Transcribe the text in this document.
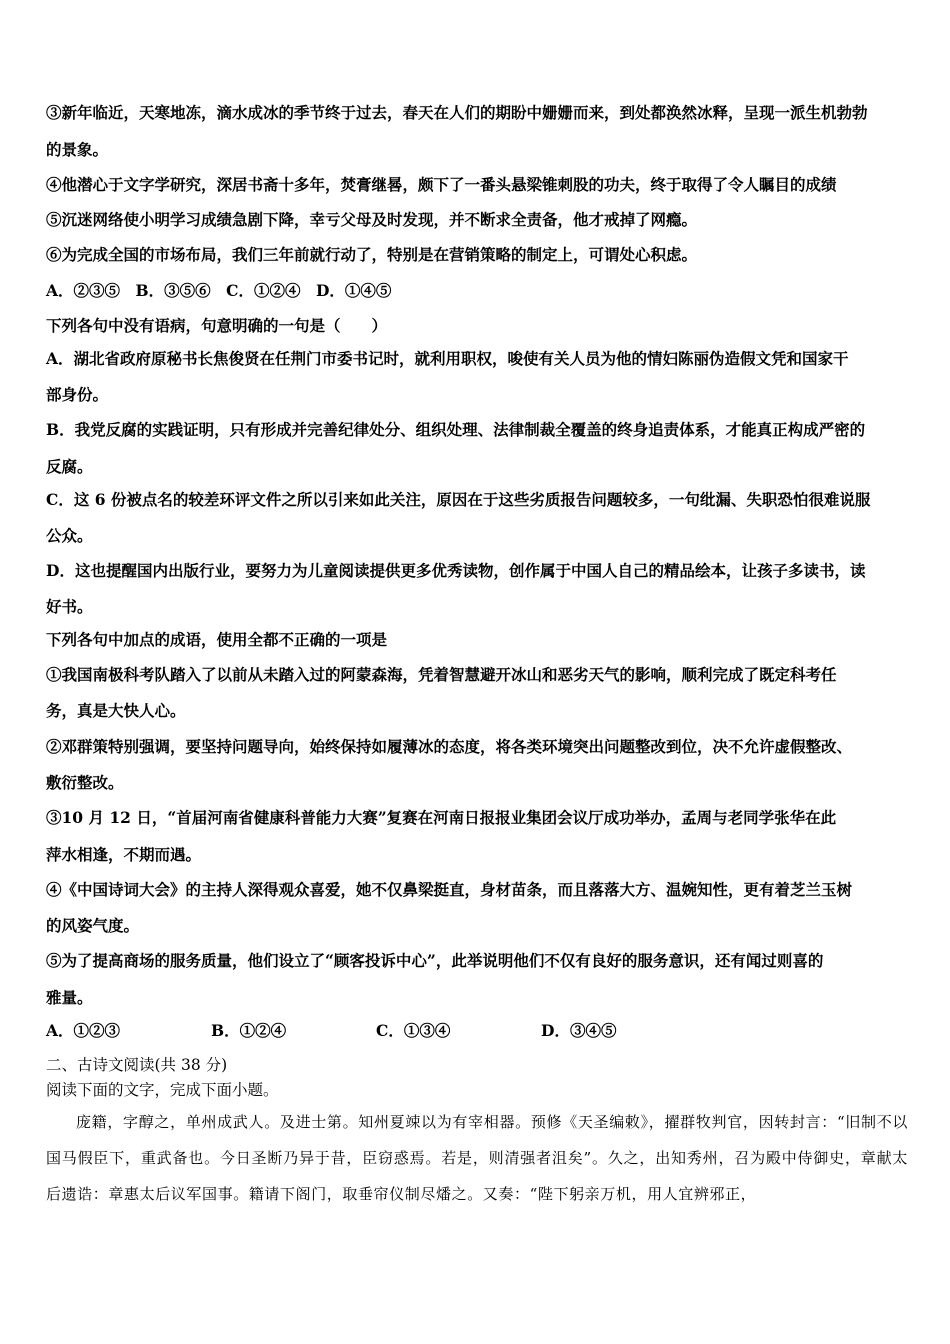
③新年临近，天寒地冻，滴水成冰的季节终于过去，春天在人们的期盼中姗姗而来，到处都涣然冰释，呈现一派生机勃勃
的景象。
④他潜心于文字学研究，深居书斋十多年，焚膏继晷，颇下了一番头悬梁锥刺股的功夫，终于取得了令人瞩目的成绩
⑤沉迷网络使小明学习成绩急剧下降，幸亏父母及时发现，并不断求全责备，他才戒掉了网瘾。
⑥为完成全国的市场布局，我们三年前就行动了，特别是在营销策略的制定上，可谓处心积虑。
A．②③⑤　B．③⑤⑥　C．①②④　D．①④⑤
下列各句中没有语病，句意明确的一句是（　　）
A．湖北省政府原秘书长焦俊贤在任荆门市委书记时，就利用职权，唆使有关人员为他的情妇陈丽伪造假文凭和国家干
部身份。
B．我党反腐的实践证明，只有形成并完善纪律处分、组织处理、法律制裁全覆盖的终身追责体系，才能真正构成严密的
反腐。
C．这 6 份被点名的较差环评文件之所以引来如此关注，原因在于这些劣质报告问题较多，一句纰漏、失职恐怕很难说服
公众。
D．这也提醒国内出版行业，要努力为儿童阅读提供更多优秀读物，创作属于中国人自己的精品绘本，让孩子多读书，读
好书。
下列各句中加点的成语，使用全都不正确的一项是
①我国南极科考队踏入了以前从未踏入过的阿蒙森海，凭着智慧避开冰山和恶劣天气的影响，顺利完成了既定科考任
务，真是大快人心。
②邓群策特别强调，要坚持问题导向，始终保持如履薄冰的态度，将各类环境突出问题整改到位，决不允许虚假整改、
敷衍整改。
③10 月 12 日，“首届河南省健康科普能力大赛”复赛在河南日报报业集团会议厅成功举办，孟周与老同学张华在此
萍水相逢，不期而遇。
④《中国诗词大会》的主持人深得观众喜爱，她不仅鼻梁挺直，身材苗条，而且落落大方、温婉知性，更有着芝兰玉树
的风姿气度。
⑤为了提高商场的服务质量，他们设立了“顾客投诉中心”，此举说明他们不仅有良好的服务意识，还有闻过则喜的
雅量。
A．①②③	B．①②④	C．①③④	D．③④⑤
二、古诗文阅读(共 38 分)
阅读下面的文字，完成下面小题。

庞籍，字醇之，单州成武人。及进士第。知州夏竦以为有宰相器。预修《天圣编敕》，擢群牧判官，因转封言：“旧制不以国马假臣下，重武备也。今日圣断乃异于昔，臣窃惑焉。若是，则清强者沮矣”。久之，出知秀州，召为殿中侍御史，章献太后遗诰：章惠太后议军国事。籍请下阁门，取垂帘仪制尽燔之。又奏：“陛下躬亲万机，用人宜辨邪正，
